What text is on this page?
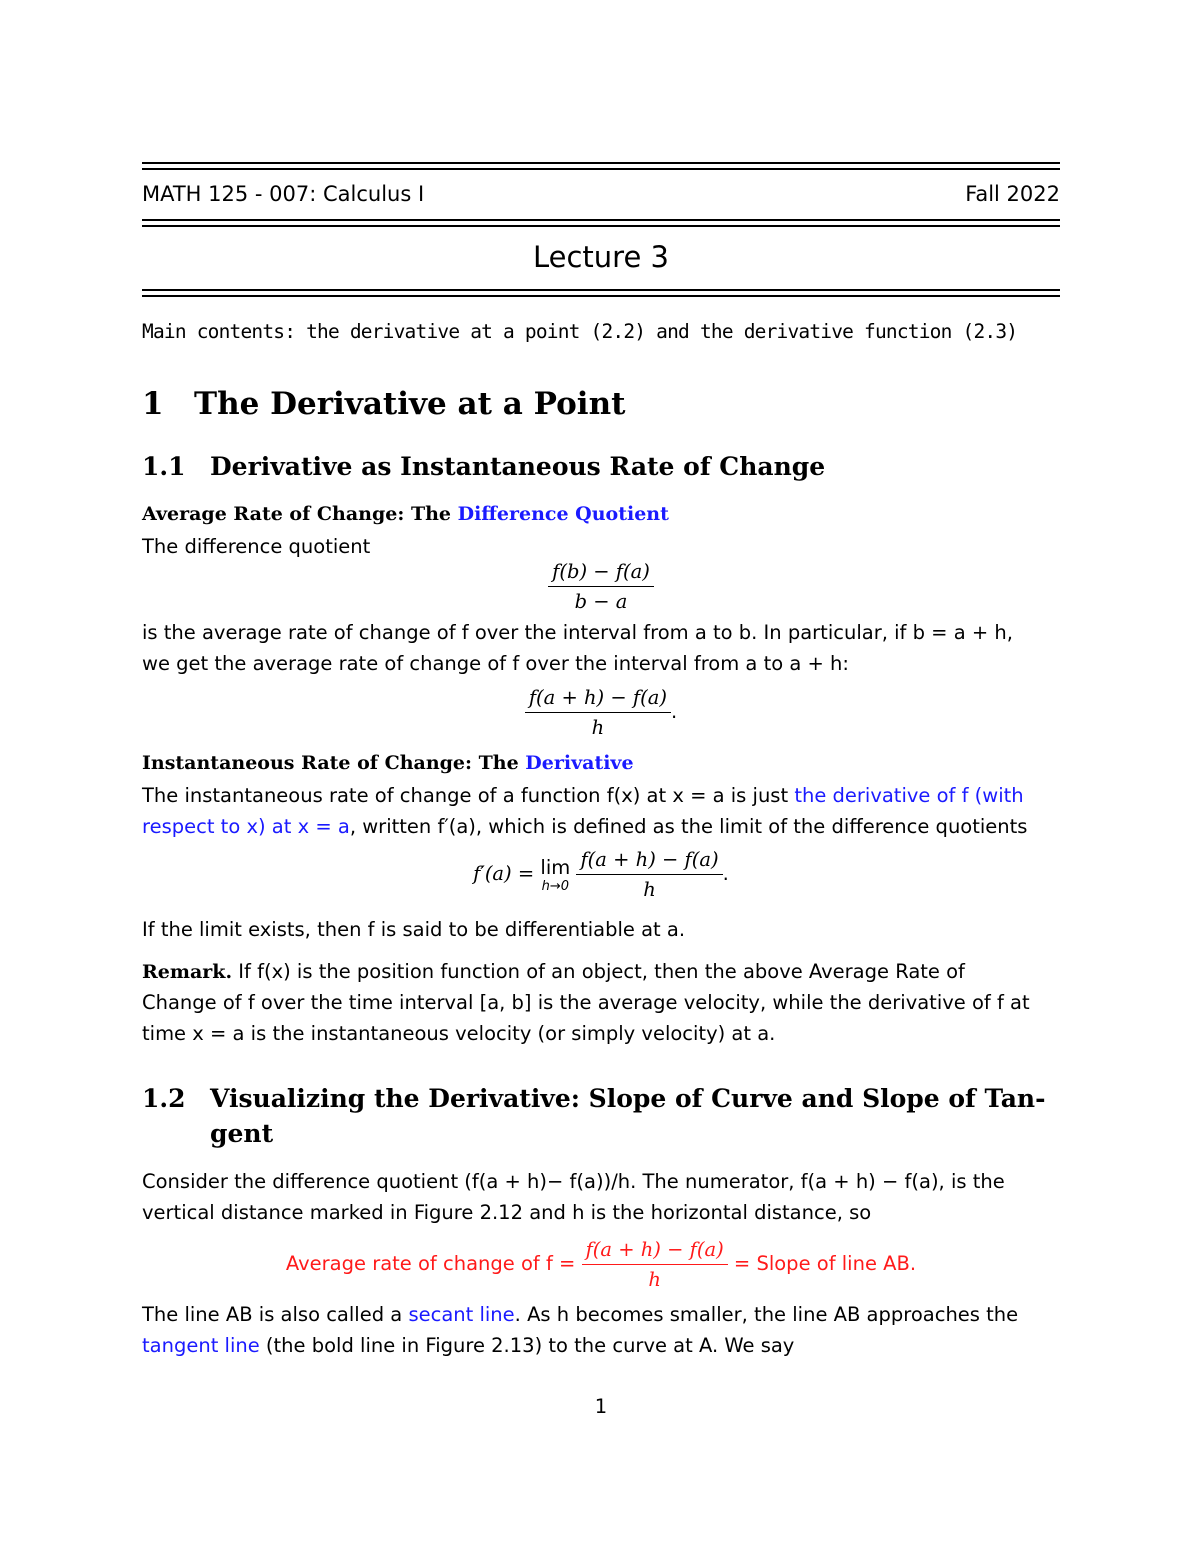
MATH 125 - 007: Calculus I	Fall 2022
Lecture 3
Main contents: the derivative at a point (2.2) and the derivative function (2.3)
1 The Derivative at a Point
1.1 Derivative as Instantaneous Rate of Change
Average Rate of Change: The Difference Quotient
The difference quotient
$\frac{f(b) - f(a)}{b - a}$
is the average rate of change of f over the interval from a to b. In particular, if b = a + h,
we get the average rate of change of f over the interval from a to a + h:
$\frac{f(a + h) - f(a)}{h}$ .
Instantaneous Rate of Change: The Derivative
The instantaneous rate of change of a function f(x) at x = a is just the derivative of f (with
respect to x) at x = a, written f′(a), which is defined as the limit of the difference quotients
f′(a) = lim
h→0
$\frac{f(a + h) - f(a)}{h}$ .
If the limit exists, then f is said to be differentiable at a.
Remark. If f(x) is the position function of an object, then the above Average Rate of
Change of f over the time interval [a, b] is the average velocity, while the derivative of f at
time x = a is the instantaneous velocity (or simply velocity) at a.
1.2 Visualizing the Derivative: Slope of Curve and Slope of Tan-
gent
Consider the difference quotient (f(a + h)− f(a))/h. The numerator, f(a + h) − f(a), is the
vertical distance marked in Figure 2.12 and h is the horizontal distance, so
Average rate of change of $f = \frac{f(a + h) - f(a)}{h}$ = Slope of line AB.
The line AB is also called a secant line. As h becomes smaller, the line AB approaches the
tangent line (the bold line in Figure 2.13) to the curve at A. We say
1
